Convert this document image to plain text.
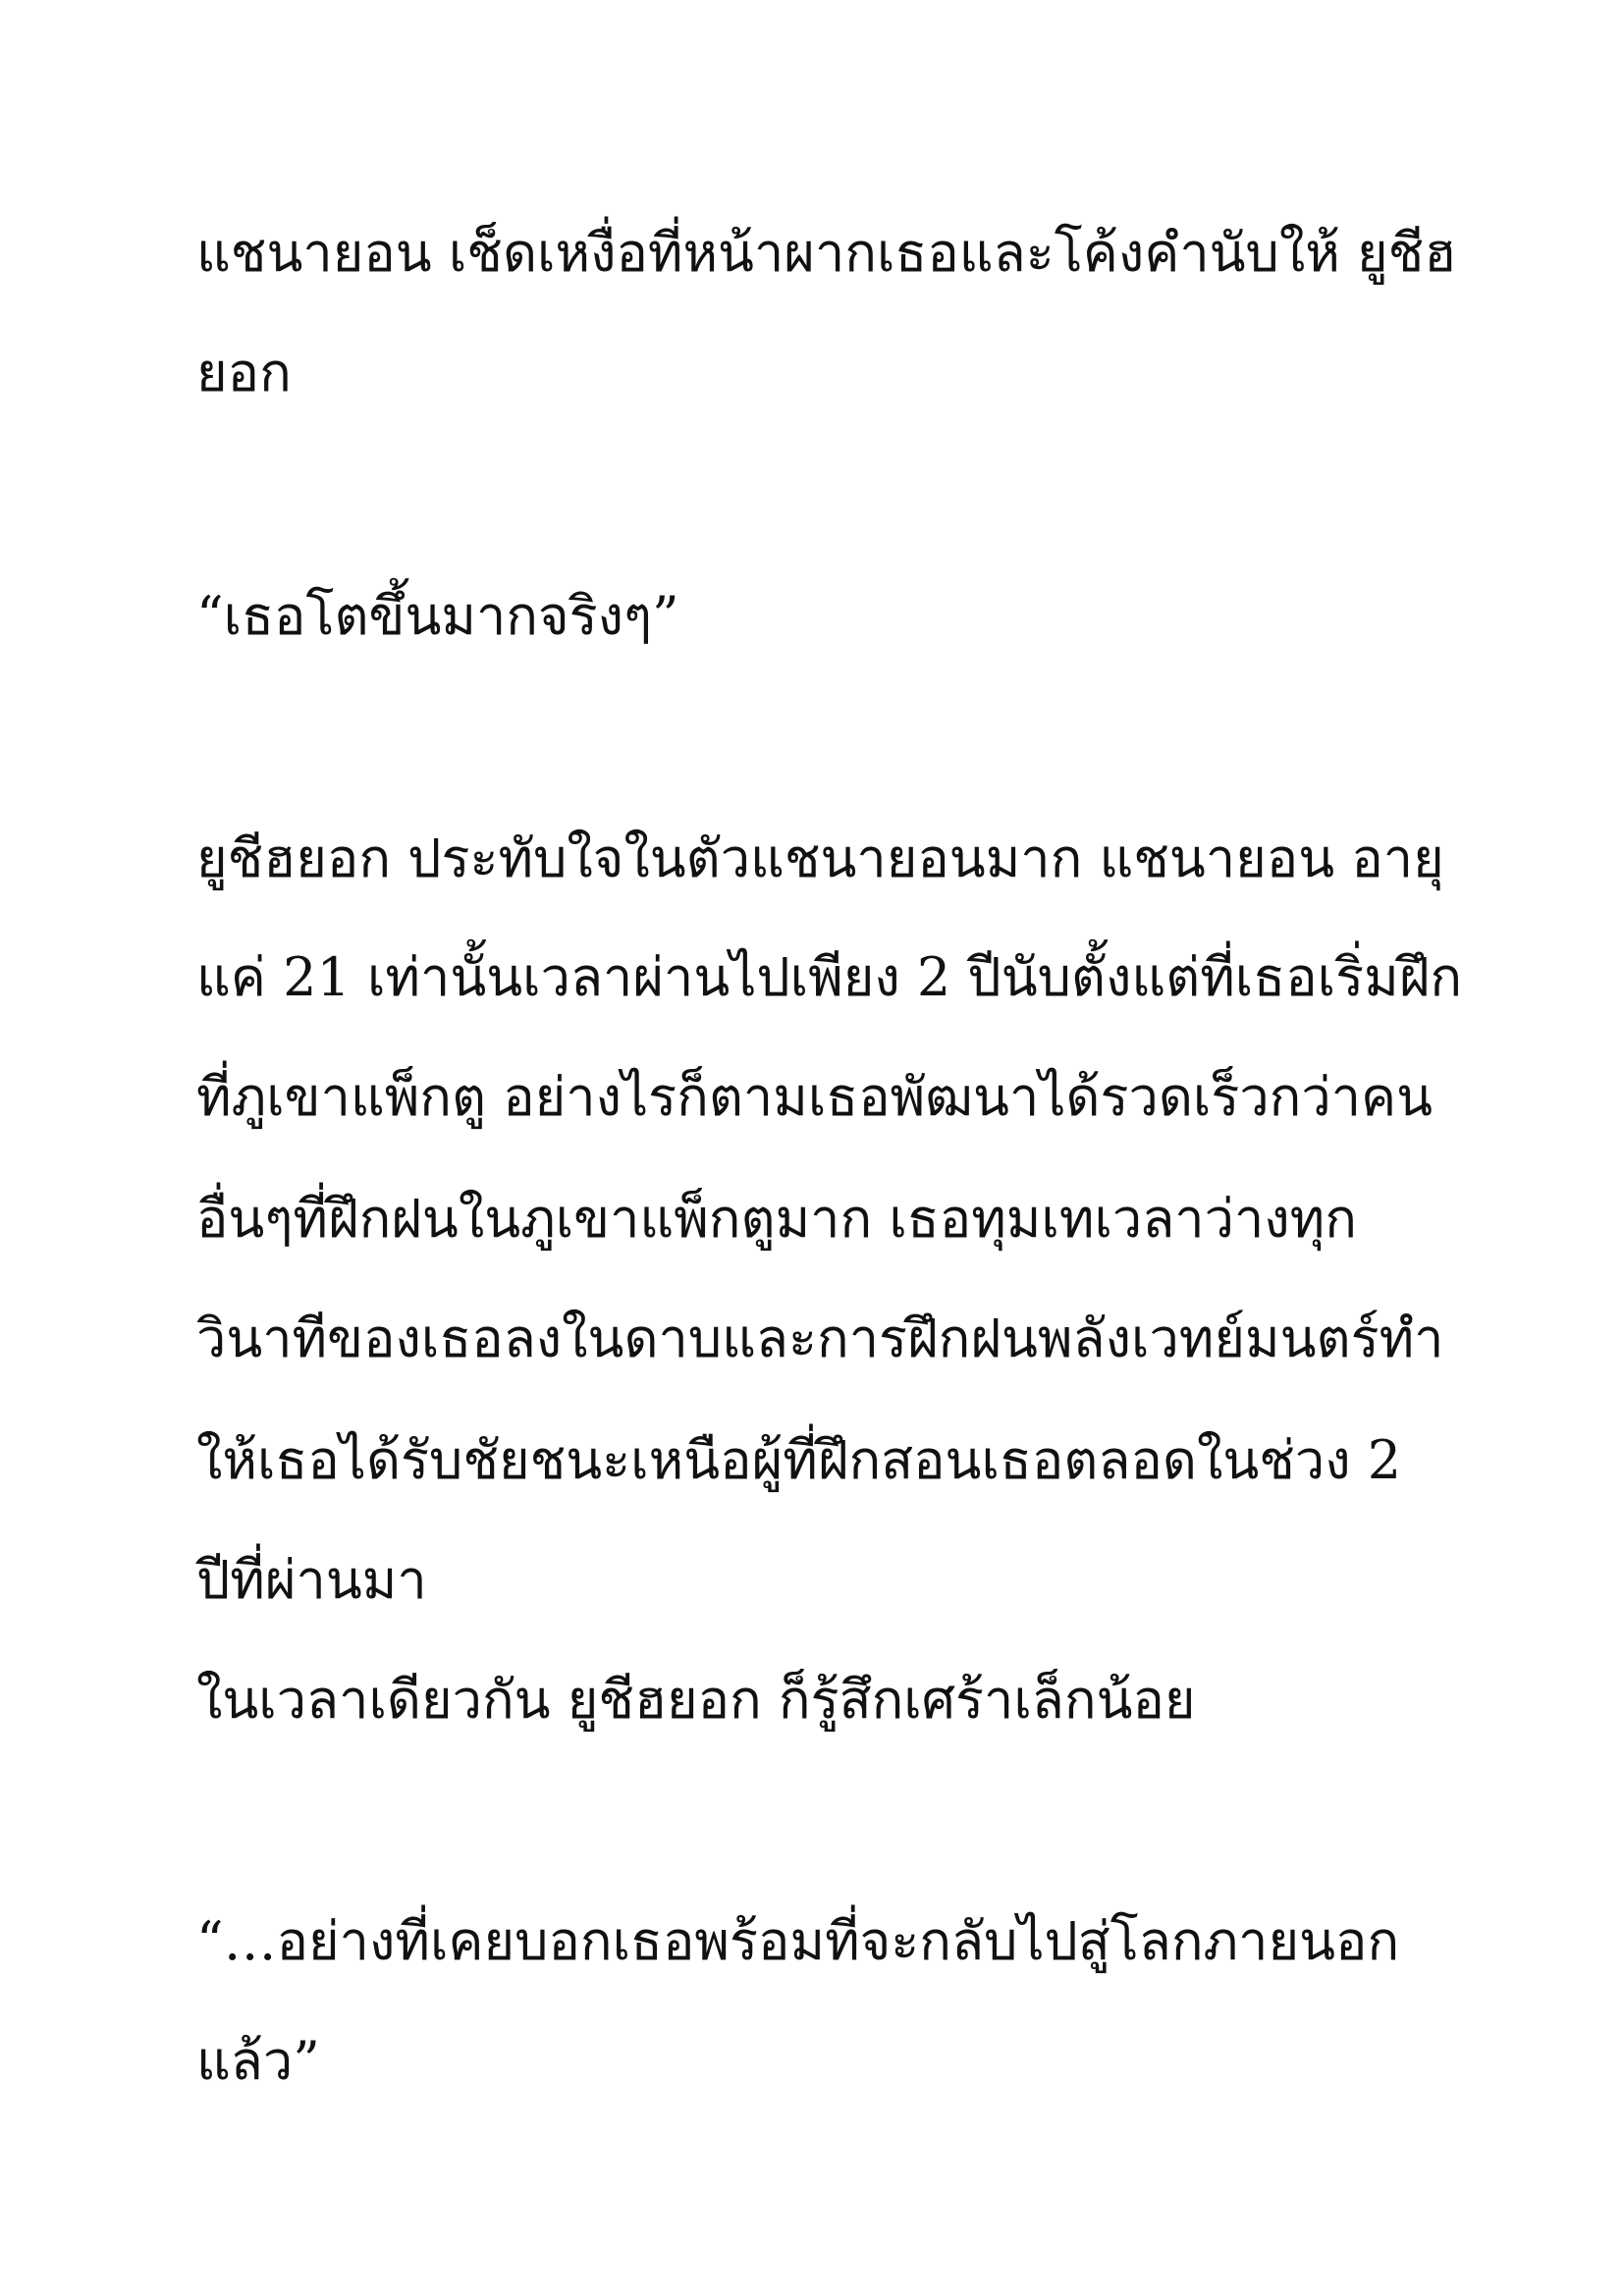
แชนายอน เช็ดเหงื่อที่หน้าผากเธอและโค้งคำนับให้ ยูชีฮ
ยอก
“เธอโตขึ้นมากจริงๆ”
ยูชีฮยอก ประทับใจในตัวแชนายอนมาก แชนายอน อายุ
แค่ 21 เท่านั้นเวลาผ่านไปเพียง 2 ปีนับตั้งแต่ที่เธอเริ่มฝึก
ที่ภูเขาแพ็กตู อย่างไรก็ตามเธอพัฒนาได้รวดเร็วกว่าคน
อื่นๆที่ฝึกฝนในภูเขาแพ็กตูมาก เธอทุมเทเวลาว่างทุก
วินาทีของเธอลงในดาบและการฝึกฝนพลังเวทย์มนตร์ทำ
ให้เธอได้รับชัยชนะเหนือผู้ที่ฝึกสอนเธอตลอดในช่วง 2
ปีที่ผ่านมา
ในเวลาเดียวกัน ยูชีฮยอก ก็รู้สึกเศร้าเล็กน้อย
“…อย่างที่เคยบอกเธอพร้อมที่จะกลับไปสู่โลกภายนอก
แล้ว”
